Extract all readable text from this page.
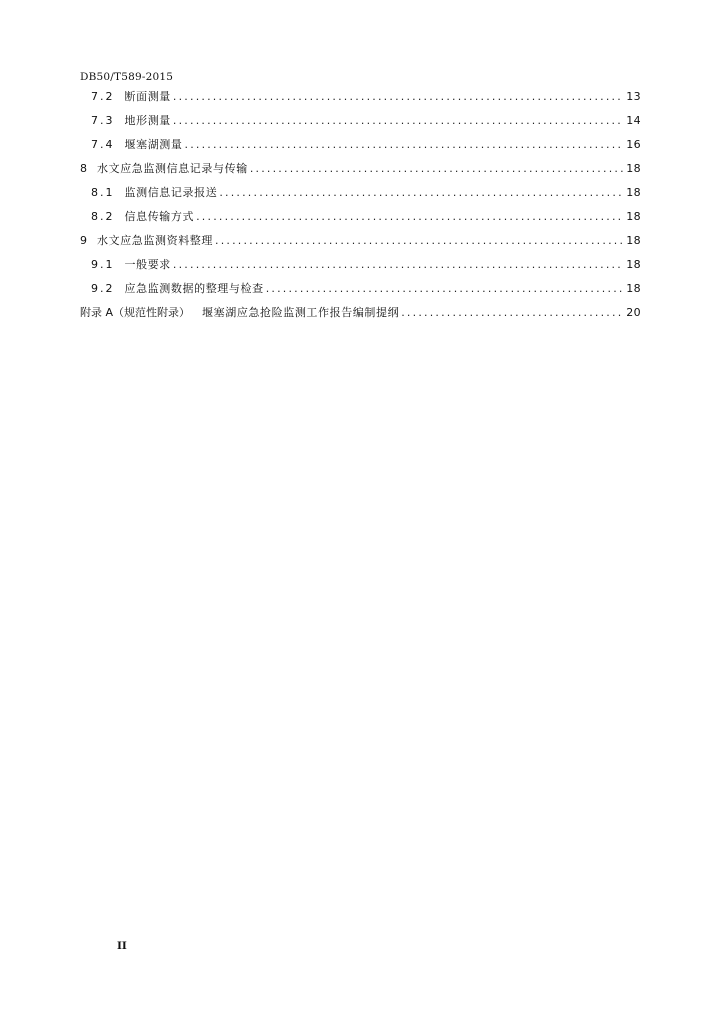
DB50/T589-2015
7.2 断面测量 .....	13
7.3 地形测量 .....	14
7.4 堰塞湖测量 .....	16
8 水文应急监测信息记录与传输 .....	18
8.1 监测信息记录报送 .....	18
8.2 信息传输方式 .....	18
9 水文应急监测资料整理 .....	18
9.1 一般要求 .....	18
9.2 应急监测数据的整理与检查 .....	18
附录 A（规范性附录） 堰塞湖应急抢险监测工作报告编制提纲 .....	20
II
